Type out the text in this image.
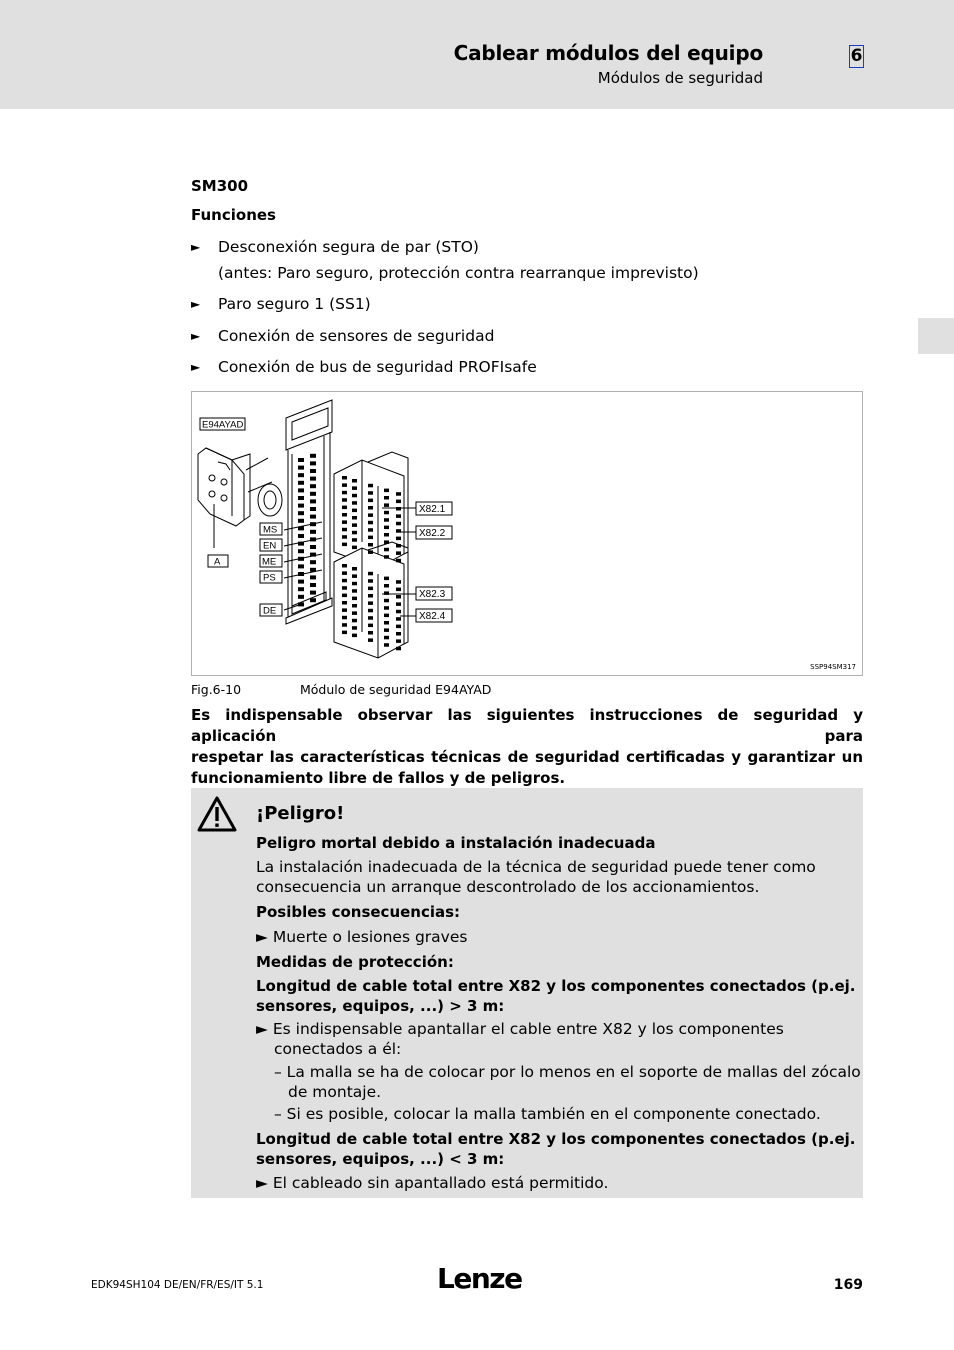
Cablear módulos del equipo
Módulos de seguridad
6
SM300
Funciones
► Desconexión segura de par (STO)
(antes: Paro seguro, protección contra rearranque imprevisto)
► Paro seguro 1 (SS1)
► Conexión de sensores de seguridad
► Conexión de bus de seguridad PROFIsafe
E94AYAD
A
MS
EN
ME
PS
DE
X82.1
X82.2
X82.3
X82.4
SSP94SM317
Fig.6-10	Módulo de seguridad E94AYAD
Es indispensable observar las siguientes instrucciones de seguridad y aplicación para
respetar las características técnicas de seguridad certificadas y garantizar un
funcionamiento libre de fallos y de peligros.
¡Peligro!
Peligro mortal debido a instalación inadecuada
La instalación inadecuada de la técnica de seguridad puede tener como
consecuencia un arranque descontrolado de los accionamientos.
Posibles consecuencias:
► Muerte o lesiones graves
Medidas de protección:
Longitud de cable total entre X82 y los componentes conectados (p.ej.
sensores, equipos, ...) > 3 m:
► Es indispensable apantallar el cable entre X82 y los componentes
conectados a él:
– La malla se ha de colocar por lo menos en el soporte de mallas del zócalo
de montaje.
– Si es posible, colocar la malla también en el componente conectado.
Longitud de cable total entre X82 y los componentes conectados (p.ej.
sensores, equipos, ...) < 3 m:
► El cableado sin apantallado está permitido.
EDK94SH104 DE/EN/FR/ES/IT 5.1	Lenze	169
